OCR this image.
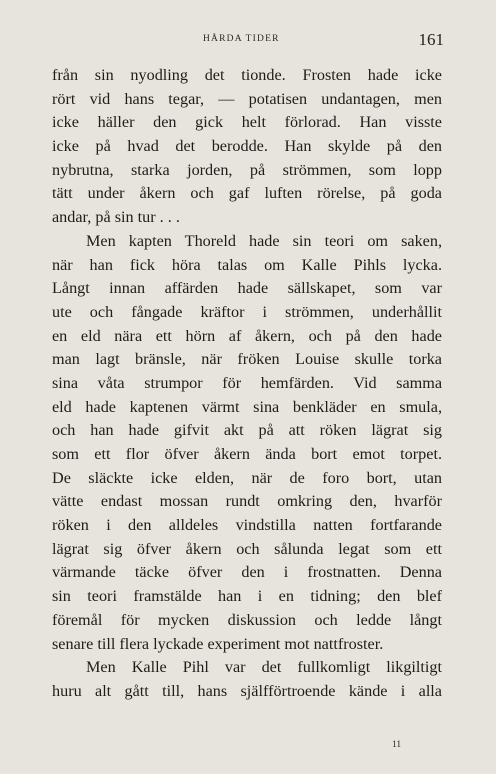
HÅRDA TIDER	161
från sin nyodling det tionde. Frosten hade icke
rört vid hans tegar, — potatisen undantagen, men
icke häller den gick helt förlorad. Han visste
icke på hvad det berodde. Han skylde på den
nybrutna, starka jorden, på strömmen, som lopp
tätt under åkern och gaf luften rörelse, på goda
andar, på sin tur . . .
Men kapten Thoreld hade sin teori om saken,
när han fick höra talas om Kalle Pihls lycka.
Långt innan affärden hade sällskapet, som var
ute och fångade kräftor i strömmen, underhållit
en eld nära ett hörn af åkern, och på den hade
man lagt bränsle, när fröken Louise skulle torka
sina våta strumpor för hemfärden. Vid samma
eld hade kaptenen värmt sina benkläder en smula,
och han hade gifvit akt på att röken lägrat sig
som ett flor öfver åkern ända bort emot torpet.
De släckte icke elden, när de foro bort, utan
vätte endast mossan rundt omkring den, hvarför
röken i den alldeles vindstilla natten fortfarande
lägrat sig öfver åkern och sålunda legat som ett
värmande täcke öfver den i frostnatten. Denna
sin teori framstälde han i en tidning; den blef
föremål för mycken diskussion och ledde långt
senare till flera lyckade experiment mot nattfroster.
Men Kalle Pihl var det fullkomligt likgiltigt
huru alt gått till, hans själfförtroende kände i alla
11
